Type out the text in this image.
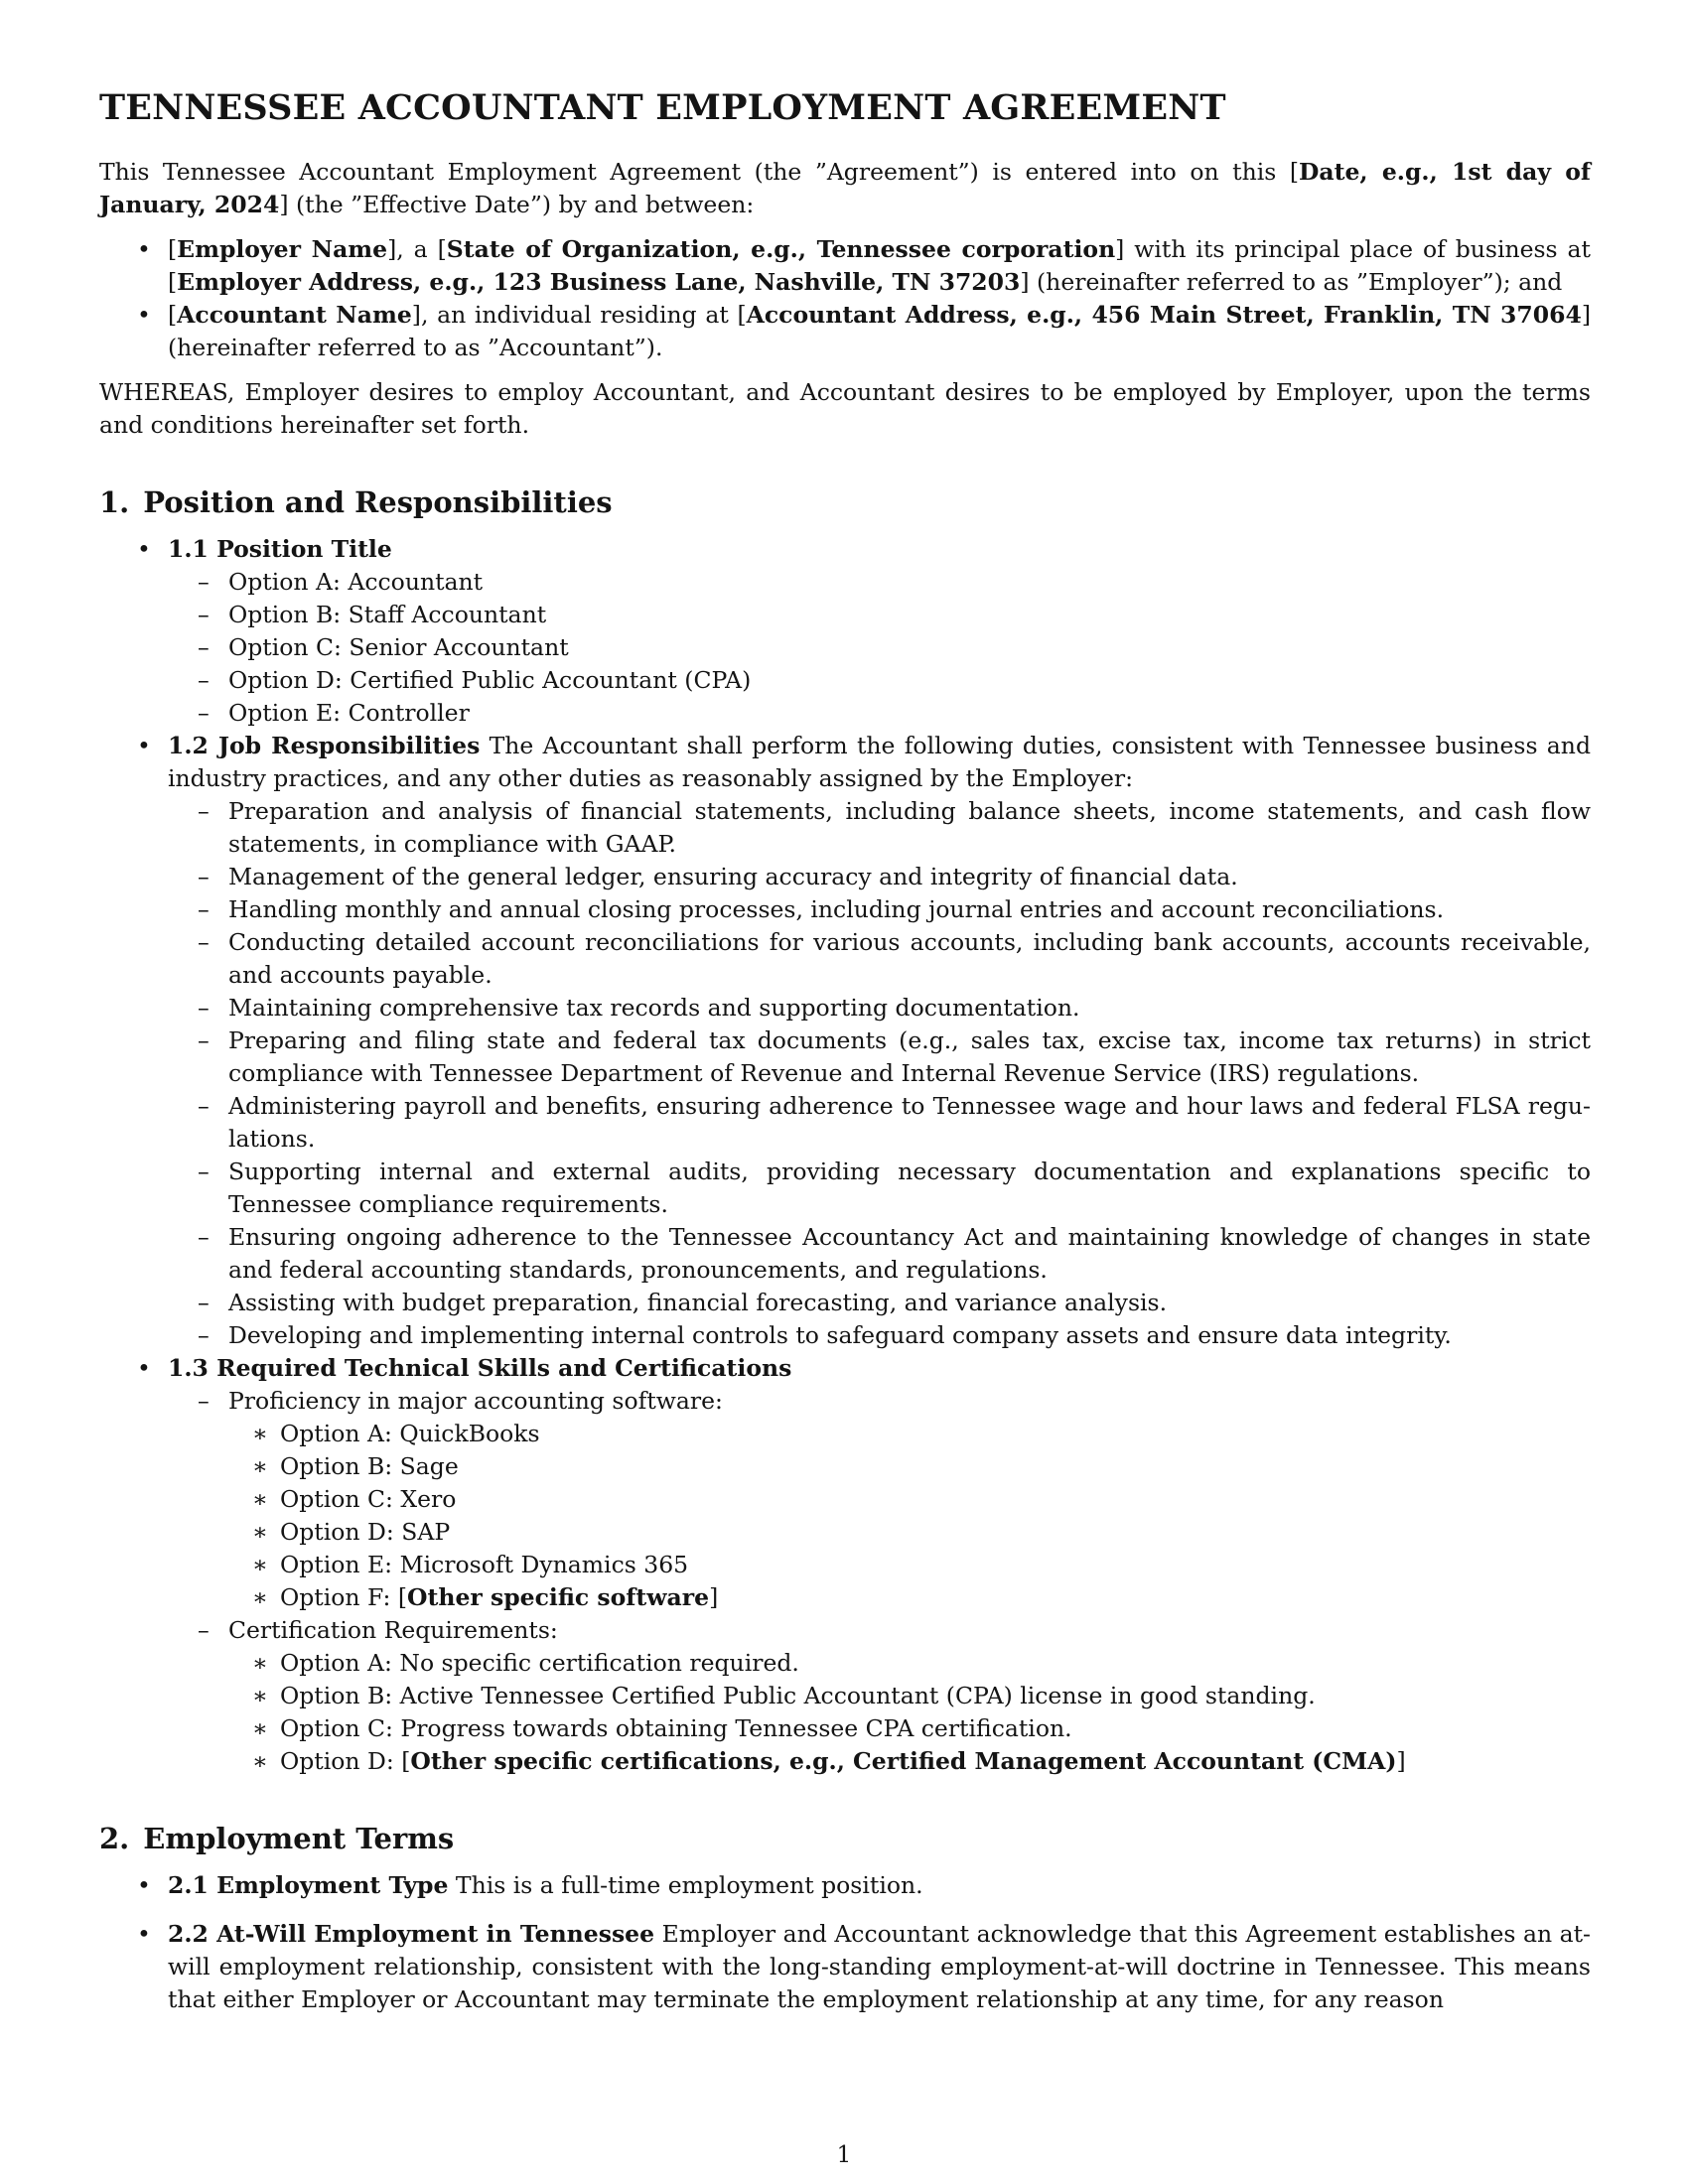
TENNESSEE ACCOUNTANT EMPLOYMENT AGREEMENT

This Tennessee Accountant Employment Agreement (the ”Agreement”) is entered into on this [Date, e.g., 1st day of January, 2024] (the ”Effective Date”) by and between:

• [Employer Name], a [State of Organization, e.g., Tennessee corporation] with its principal place of business at [Employer Address, e.g., 123 Business Lane, Nashville, TN 37203] (hereinafter referred to as ”Employer”); and
• [Accountant Name], an individual residing at [Accountant Address, e.g., 456 Main Street, Franklin, TN 37064] (hereinafter referred to as ”Accountant”).

WHEREAS, Employer desires to employ Accountant, and Accountant desires to be employed by Employer, upon the terms and conditions hereinafter set forth.

1. Position and Responsibilities
• 1.1 Position Title
– Option A: Accountant
– Option B: Staff Accountant
– Option C: Senior Accountant
– Option D: Certified Public Accountant (CPA)
– Option E: Controller
• 1.2 Job Responsibilities The Accountant shall perform the following duties, consistent with Tennessee business and industry practices, and any other duties as reasonably assigned by the Employer:
– Preparation and analysis of financial statements, including balance sheets, income statements, and cash flow statements, in compliance with GAAP.
– Management of the general ledger, ensuring accuracy and integrity of financial data.
– Handling monthly and annual closing processes, including journal entries and account reconciliations.
– Conducting detailed account reconciliations for various accounts, including bank accounts, accounts receivable, and accounts payable.
– Maintaining comprehensive tax records and supporting documentation.
– Preparing and filing state and federal tax documents (e.g., sales tax, excise tax, income tax returns) in strict compliance with Tennessee Department of Revenue and Internal Revenue Service (IRS) regulations.
– Administering payroll and benefits, ensuring adherence to Tennessee wage and hour laws and federal FLSA regulations.
– Supporting internal and external audits, providing necessary documentation and explanations specific to Tennessee compliance requirements.
– Ensuring ongoing adherence to the Tennessee Accountancy Act and maintaining knowledge of changes in state and federal accounting standards, pronouncements, and regulations.
– Assisting with budget preparation, financial forecasting, and variance analysis.
– Developing and implementing internal controls to safeguard company assets and ensure data integrity.
• 1.3 Required Technical Skills and Certifications
– Proficiency in major accounting software:
∗ Option A: QuickBooks
∗ Option B: Sage
∗ Option C: Xero
∗ Option D: SAP
∗ Option E: Microsoft Dynamics 365
∗ Option F: [Other specific software]
– Certification Requirements:
∗ Option A: No specific certification required.
∗ Option B: Active Tennessee Certified Public Accountant (CPA) license in good standing.
∗ Option C: Progress towards obtaining Tennessee CPA certification.
∗ Option D: [Other specific certifications, e.g., Certified Management Accountant (CMA)]
2. Employment Terms
• 2.1 Employment Type This is a full-time employment position.
• 2.2 At-Will Employment in Tennessee Employer and Accountant acknowledge that this Agreement establishes an at-will employment relationship, consistent with the long-standing employment-at-will doctrine in Tennessee. This means that either Employer or Accountant may terminate the employment relationship at any time, for any reason
1
